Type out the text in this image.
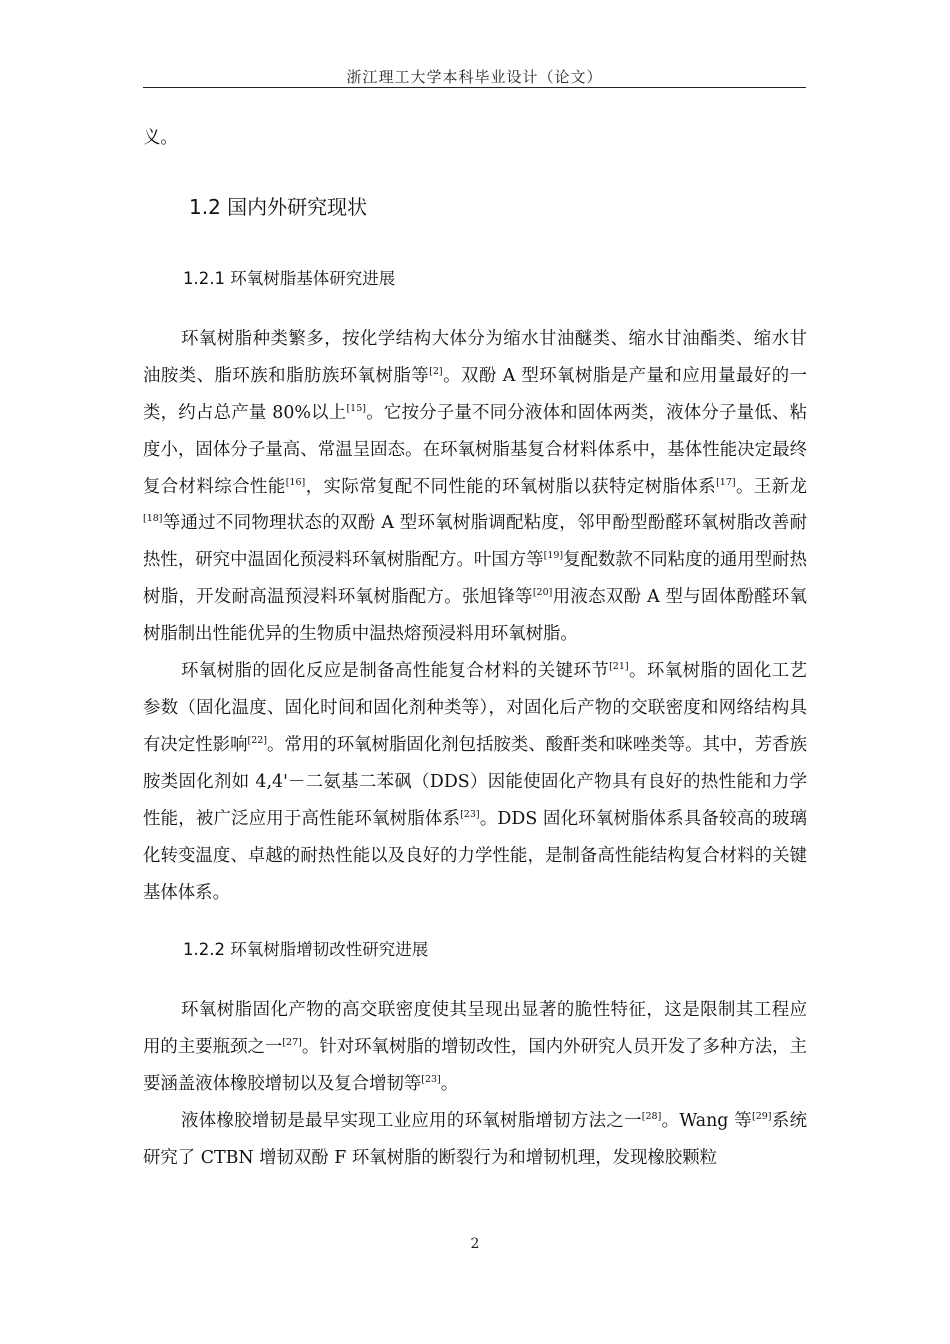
浙江理工大学本科毕业设计（论文）

义。

1.2 国内外研究现状
1.2.1 环氧树脂基体研究进展

环氧树脂种类繁多，按化学结构大体分为缩水甘油醚类、缩水甘油酯类、缩水甘油胺类、脂环族和脂肪族环氧树脂等[2]。双酚 A 型环氧树脂是产量和应用量最好的一类，约占总产量 80%以上[15]。它按分子量不同分液体和固体两类，液体分子量低、粘度小，固体分子量高、常温呈固态。在环氧树脂基复合材料体系中，基体性能决定最终复合材料综合性能[16]，实际常复配不同性能的环氧树脂以获特定树脂体系[17]。王新龙[18]等通过不同物理状态的双酚 A 型环氧树脂调配粘度，邻甲酚型酚醛环氧树脂改善耐热性，研究中温固化预浸料环氧树脂配方。叶国方等[19]复配数款不同粘度的通用型耐热树脂，开发耐高温预浸料环氧树脂配方。张旭锋等[20]用液态双酚 A 型与固体酚醛环氧树脂制出性能优异的生物质中温热熔预浸料用环氧树脂。

环氧树脂的固化反应是制备高性能复合材料的关键环节[21]。环氧树脂的固化工艺参数（固化温度、固化时间和固化剂种类等），对固化后产物的交联密度和网络结构具有决定性影响[22]。常用的环氧树脂固化剂包括胺类、酸酐类和咪唑类等。其中，芳香族胺类固化剂如 4,4'－二氨基二苯砜（DDS）因能使固化产物具有良好的热性能和力学性能，被广泛应用于高性能环氧树脂体系[23]。DDS 固化环氧树脂体系具备较高的玻璃化转变温度、卓越的耐热性能以及良好的力学性能，是制备高性能结构复合材料的关键基体体系。

1.2.2 环氧树脂增韧改性研究进展

环氧树脂固化产物的高交联密度使其呈现出显著的脆性特征，这是限制其工程应用的主要瓶颈之一[27]。针对环氧树脂的增韧改性，国内外研究人员开发了多种方法，主要涵盖液体橡胶增韧以及复合增韧等[23]。

液体橡胶增韧是最早实现工业应用的环氧树脂增韧方法之一[28]。Wang 等[29]系统研究了 CTBN 增韧双酚 F 环氧树脂的断裂行为和增韧机理，发现橡胶颗粒

2
